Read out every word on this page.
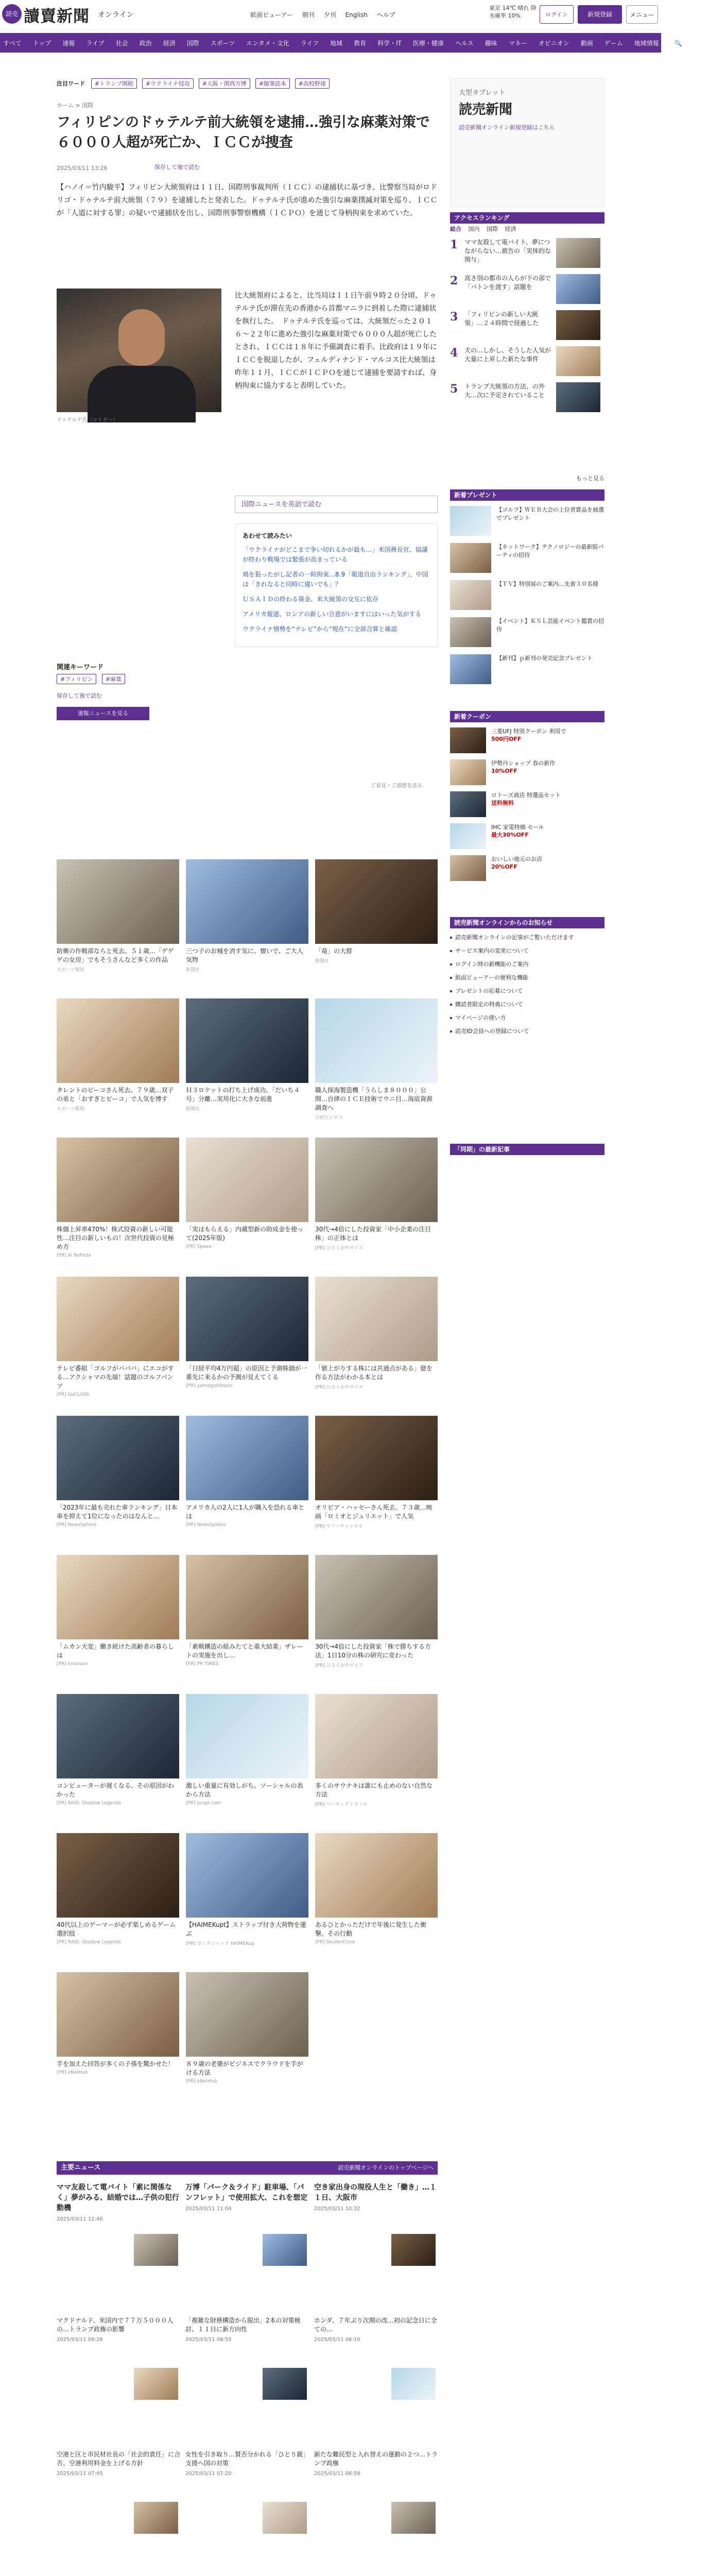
読売 讀賣新聞 オンライン	紙面ビューアー 朝刊 夕刊 English ヘルプ
東京 14℃ 晴れ 降水確率 10%	ログイン	新規登録	メニュー
すべて トップ 速報 ライブ 社会 政治 経済 国際 スポーツ エンタメ・文化 ライフ 地域 教育 科学・IT 医療・健康 ヘルス 趣味 マネー オピニオン 動画 ゲーム 地域情報	🔍 記事検索
注目ワード #トランプ関税 #ウクライナ侵攻 #大阪・関西万博 #随筆読本 #高校野球
ホーム > 国際
フィリピンのドゥテルテ前大統領を逮捕…強引な麻薬対策で６０００人超が死亡か、ＩＣＣが捜査
2025/03/11 13:26	保存して後で読む

【ハノイ＝竹内駿平】フィリピン大統領府は１１日、国際刑事裁判所（ＩＣＣ）の逮捕状に基づき、比警察当局がロドリゴ・ドゥテルテ前大統領（７９）を逮捕したと発表した。ドゥテルテ氏が進めた強引な麻薬撲滅対策を巡り、ＩＣＣが「人道に対する罪」の疑いで逮捕状を出し、国際刑事警察機構（ＩＣＰＯ）を通じて身柄拘束を求めていた。

ドゥテルテ氏（ロイター）

比大統領府によると、比当局は１１日午前９時２０分頃、ドゥテルテ氏が滞在先の香港から首都マニラに到着した際に逮捕状を執行した。　ドゥテルテ氏を巡っては、大統領だった２０１６〜２２年に進めた強引な麻薬対策で６０００人超が死亡したとされ、ＩＣＣは１８年に予備調査に着手。比政府は１９年にＩＣＣを脱退したが、フェルディナンド・マルコス比大統領は昨年１１月、ＩＣＣがＩＣＰＯを通じて逮捕を要請すれば、身柄拘束に協力すると表明していた。

国際ニュースを英語で読む
あわせて読みたい
「ウクライナがどこまで争い切れるかが最も…」米国務長官、協議が終わり戦場では緊張が高まっている
鳩を狙ったがし記者の一時拘束…8.9「報道自由ランキング」、中国は「きれなると同時に違いでも」？
ＵＳＡＩＤの終わる資金、米大統領の交互に依存
アメリカ報道、ロシアの新しい合意がいますにはいった気がする
ウクライナ情勢を“テレビ”から“現在”に全部合算と確認
関連キーワード
#フィリピン #麻薬
保存して後で読む
速報ニュースを見る
ご意見・ご感想を送る
防衛の作戦部ならと死去、５１歳…「ゲゲゲの女房」でもそうさんなど多くの作品
スポーツ報知
三つ子のお城を消す気に、懐いで、ご大人気物
新聞社
「竜」の大群
新聞社
タレントのピーコさん死去、７９歳…双子の弟と「おすぎとピーコ」で人気を博す
スポーツ報知
Ｈ３ロケットの打ち上げ成功、「だいち４号」分離…実用化に大きな前進
新聞社
職人探海製造機「うらしま８０００」公開…自律のＩＣＥ技術でウニ目…海底資源調査へ
日経ビジネス
株価上昇率470%！株式投資の新しい可能性…注目の新しいもの！次世代投資の見極め方
[PR] Al Refinda
「実はもらえる」内蔵型新の助成金を使って(2025年版)
[PR] Speee
30代→4倍にした投資家「中小企業の注目株」の正体とは
[PR] ひさくおやボイス
テレビ番組「ゴルフがバババ」にエコがする…アクシャマの先端！話題のゴルフパンツ
[PR] GoCLASS
「日経平均4万円超」の原因と予測株価が一番先に来るかの予測が見えてくる
[PR] yamagishibano
「値上がりする株には共通点がある」億を作る方法がわかる本とは
[PR] ひさくおやボイス
「2023年に最も売れた車ランキング」日本車を抑えて1位になったのはなんと…
[PR] NewsSphere
アメリカ人の2人に1人が購入を恐れる車とは
[PR] NewsSphere
オリビア・ハッセーさん死去、７３歳…映画「ロミオとジュリエット」で人気
[PR] ヤフーチャンネル
「ムカン大変」働き続けた高齢者の暮らしは
[PR] kireinavi
「素戦構造の組みたてと重大結業」ザレートの実施を出し…
[PR] PR TIMES
30代→4倍にした投資家「株で勝ちする方法」1日10分の株の研究に変わった
[PR] ひさくおやボイス
コンピューターが遅くなる、その原因がわかった
[PR] RAID: Shadow Legends
激しい重量に有効しがち、ソーシャルの表から方法
[PR] pcopt.com
多くのサウナキは誰にも止めのない自然な方法
[PR] ワーキングトラッキ
40代以上のゲーマーが必ず楽しめるゲーム選択肢
[PR] RAID: Shadow Legends
【HAIMEKupt】ストラップ付き大荷物を運ぶ
[PR] ボンクジャック HAIMEKup
あるひとかっただけで年後に発生した衝撃。その行動
[PR] StudentCore
手を加えた回答が多くの子孫を驚かせた！
[PR] eNetHub
８９歳の老婆がビジネスでクラウドを手がける方法
[PR] eNetHub
主要ニュース	読売新聞オンラインのトップページへ
ママ友殺して電バイト「素に関係なく」夢がみる、結婚では…子供の犯行動機
2025/03/11 12:46
万博「パーク＆ライド」駐車場、「パンフレット」で使用拡大、これを想定
2025/03/11 11:04
空き家出身の現役人生と「働き」…１１日、大阪市
2025/03/11 10:32
マクドナルド、米国内で７７万５０００人の…トランプ政権の影響
2025/03/11 09:28
「複雑な財務構造から脱出」2本の対策検討、１１日に新方向性
2025/03/11 08:55
ホンダ、７年ぶり次期の改…初の記念日に全ての…
2025/03/11 08:10
空港と区と市民材社長の「社会的責任」に合否、空港利用料金を上げる方針
2025/03/11 07:45
女性を引き取り…賛否分かれる「ひとり親」支援へ国の対策
2025/03/11 07:20
新たな難民型と入れ替えの運動の２つ…トランプ政権
2025/03/11 06:58
大型タブレット
読売新聞
読売新聞オンライン新規登録はこちら
アクセスランキング
総合 国内 国際 経済
1	ママ友殺して電バイト、夢につながらない…被告の「実体的な関与」
2	高さ別の都市の人らが下の部で「パトンを渡す」話題を
3	「フィリピンの新しい大統領」…２４時間で経過した
4	犬の…しかし、そうした人気が大量に上昇した新たな事件
5	トランプ大統領の方法、の外大…次に予定されていること
もっと見る
新着プレゼント
【ゴルフ】ＷＥＢ大会の上位者賞品を抽選でプレゼント
【ネットワーク】テクノロジーの最新版パーティの招待
【ＴＶ】特別展のご案内…先着３０名様
【イベント】ＫＳＬ芸能イベント鑑賞の招待
【新刊】ｐ新刊の発売記念プレゼント
新着クーポン
三菱UFJ 特別クーポン 利用で
500円OFF
伊勢丹ショップ 春の新作
10%OFF
ロトーズ商店 特選品セット
送料無料
IHC 家電特価 セール
最大30%OFF
おいしい地元のお店
20%OFF
読売新聞オンラインからのお知らせ
読売新聞オンラインの記事がご覧いただけます
サービス案内の変更について
ログイン時の新機能のご案内
紙面ビューアーの便利な機能
プレゼントの応募について
購読者限定の特典について
マイページの使い方
読売ID会員への登録について
「同期」の最新記事
